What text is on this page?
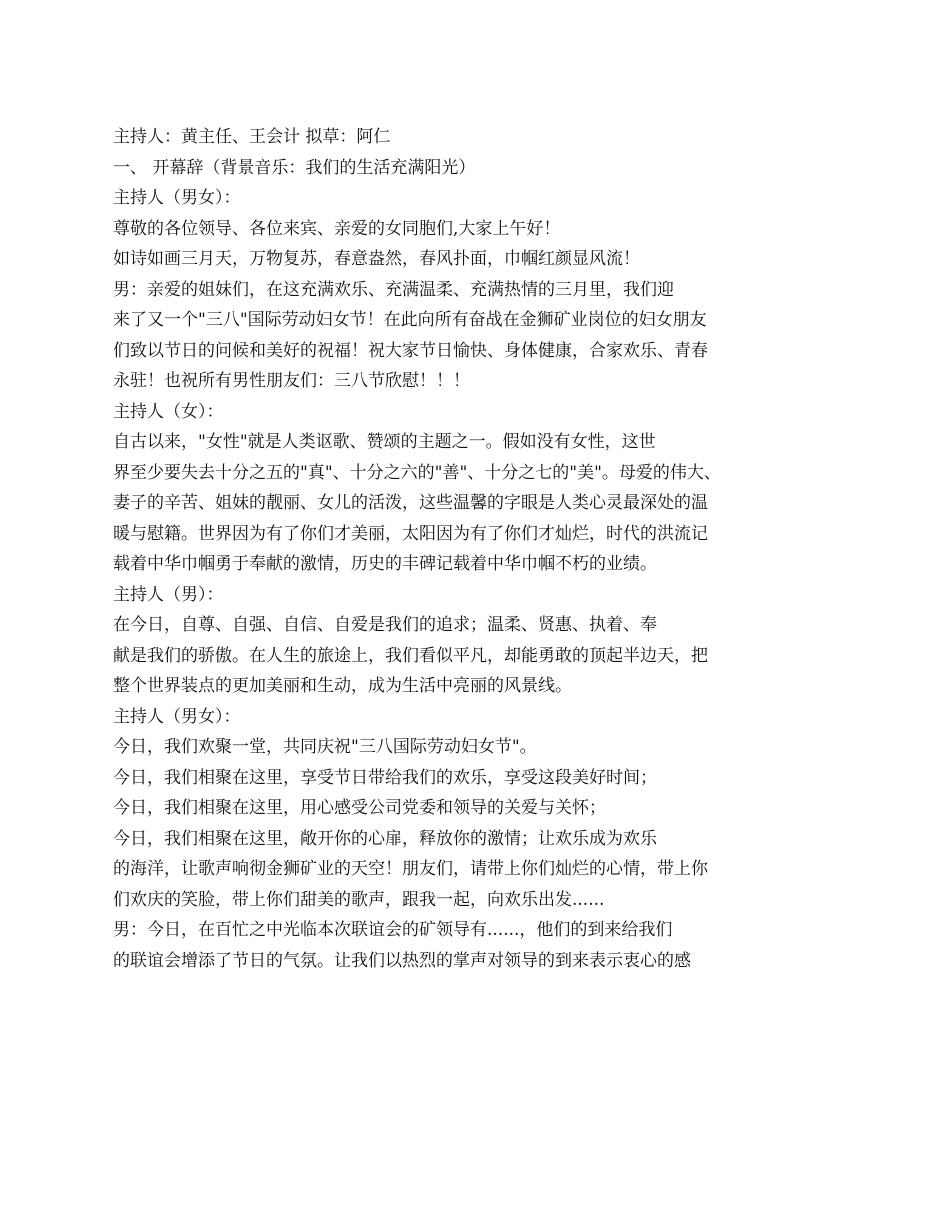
主持人：黄主任、王会计 拟草：阿仁
一、 开幕辞（背景音乐：我们的生活充满阳光）
主持人（男女）：
尊敬的各位领导、各位来宾、亲爱的女同胞们,大家上午好！
如诗如画三月天，万物复苏，春意盎然，春风扑面，巾帼红颜显风流！
男：亲爱的姐妹们，在这充满欢乐、充满温柔、充满热情的三月里，我们迎
来了又一个"三八"国际劳动妇女节！在此向所有奋战在金狮矿业岗位的妇女朋友
们致以节日的问候和美好的祝福！祝大家节日愉快、身体健康，合家欢乐、青春
永驻！也祝所有男性朋友们：三八节欣慰！！！
主持人（女）：
自古以来，"女性"就是人类讴歌、赞颂的主题之一。假如没有女性，这世
界至少要失去十分之五的"真"、十分之六的"善"、十分之七的"美"。母爱的伟大、
妻子的辛苦、姐妹的靓丽、女儿的活泼，这些温馨的字眼是人类心灵最深处的温
暖与慰籍。世界因为有了你们才美丽，太阳因为有了你们才灿烂，时代的洪流记
载着中华巾帼勇于奉献的激情，历史的丰碑记载着中华巾帼不朽的业绩。
主持人（男）：
在今日，自尊、自强、自信、自爱是我们的追求；温柔、贤惠、执着、奉
献是我们的骄傲。在人生的旅途上，我们看似平凡，却能勇敢的顶起半边天，把
整个世界装点的更加美丽和生动，成为生活中亮丽的风景线。
主持人（男女）：
今日，我们欢聚一堂，共同庆祝"三八国际劳动妇女节"。
今日，我们相聚在这里，享受节日带给我们的欢乐，享受这段美好时间；
今日，我们相聚在这里，用心感受公司党委和领导的关爱与关怀；
今日，我们相聚在这里，敞开你的心扉，释放你的激情；让欢乐成为欢乐
的海洋，让歌声响彻金狮矿业的天空！朋友们，请带上你们灿烂的心情，带上你
们欢庆的笑脸，带上你们甜美的歌声，跟我一起，向欢乐出发......
男：今日，在百忙之中光临本次联谊会的矿领导有......，他们的到来给我们
的联谊会增添了节日的气氛。让我们以热烈的掌声对领导的到来表示衷心的感
